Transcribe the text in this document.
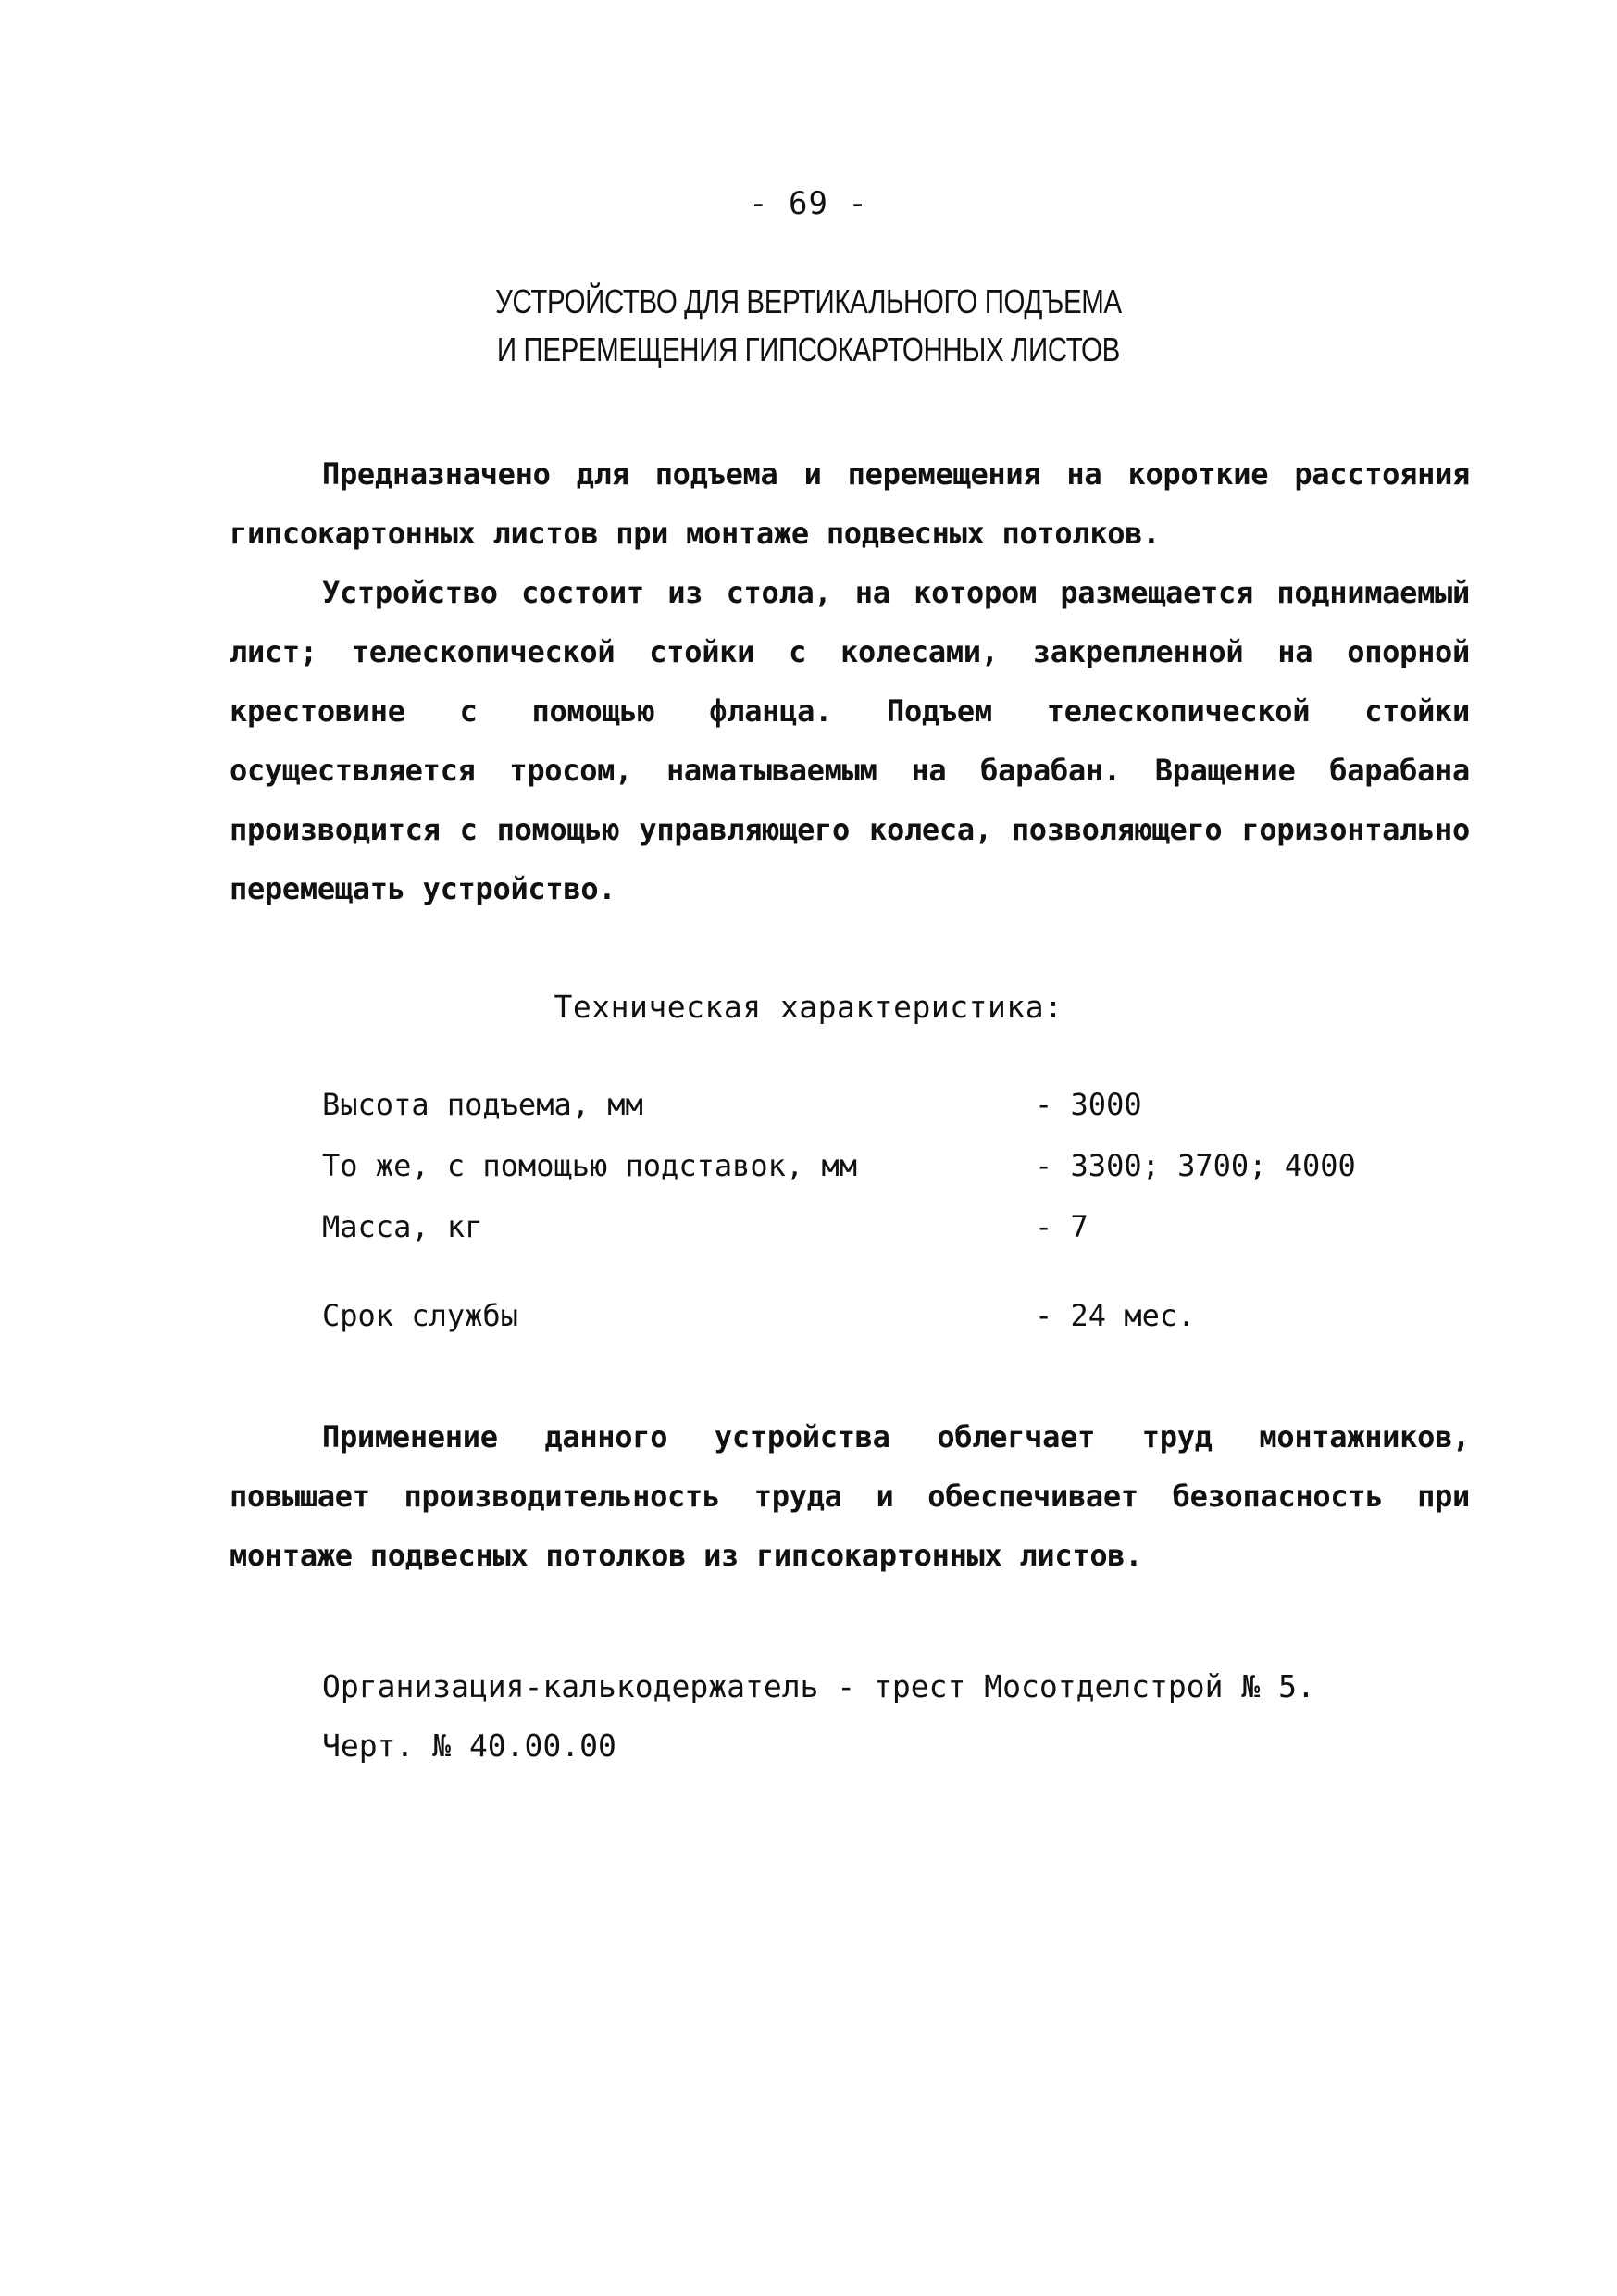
- 69 -
УСТРОЙСТВО ДЛЯ ВЕРТИКАЛЬНОГО ПОДЪЕМА
И ПЕРЕМЕЩЕНИЯ ГИПСОКАРТОННЫХ ЛИСТОВ
Предназначено для подъема и перемещения на короткие расстояния гипсокартонных листов при монтаже подвесных потолков.
Устройство состоит из стола, на котором размещается поднимаемый лист; телескопической стойки с колесами, закрепленной на опорной крестовине с помощью фланца. Подъем телескопической стойки осуществляется тросом, наматываемым на барабан. Вращение барабана производится с помощью управляющего колеса, позволяющего горизонтально перемещать устройство.
Техническая характеристика:
Высота подъема, мм	- 3000
То же, с помощью подставок, мм	- 3300; 3700; 4000
Масса, кг	- 7
Срок службы	- 24 мес.
Применение данного устройства облегчает труд монтажников, повышает производительность труда и обеспечивает безопасность при монтаже подвесных потолков из гипсокартонных листов.
Организация-калькодержатель - трест Мосотделстрой № 5.
Черт. № 40.00.00
